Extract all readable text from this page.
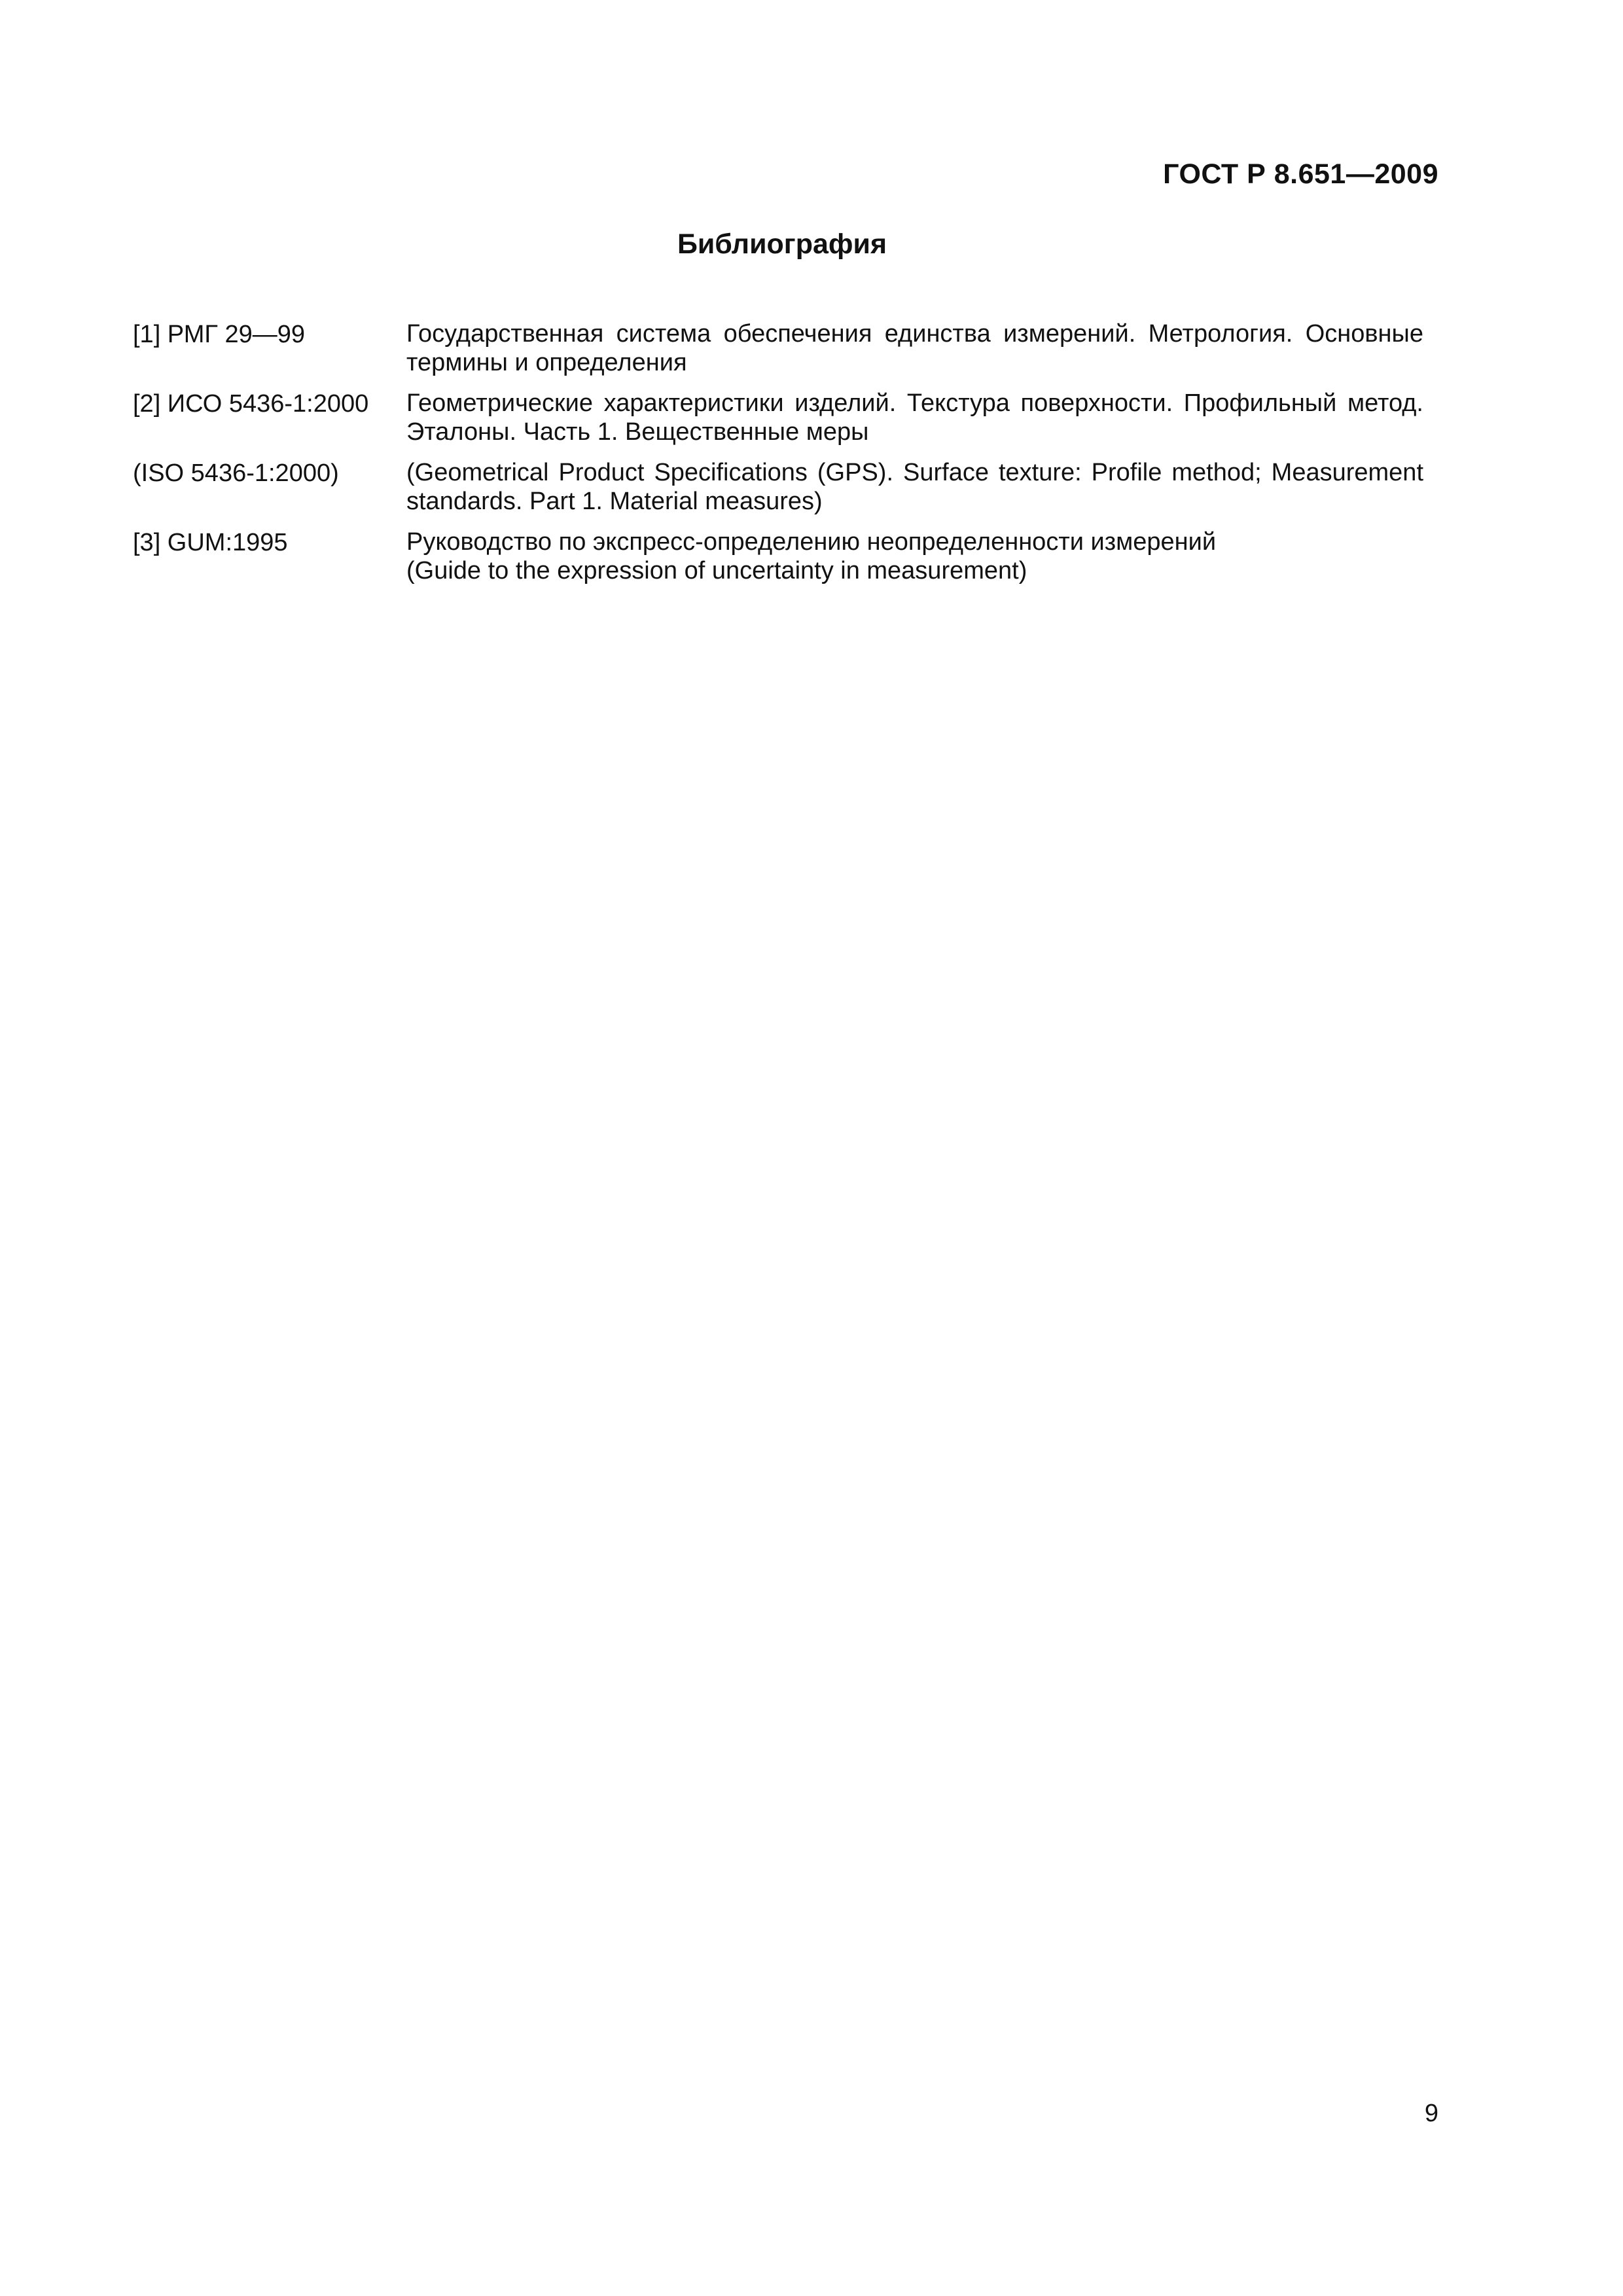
ГОСТ Р 8.651—2009
Библиография
[1] РМГ 29—99	Государственная система обеспечения единства измерений. Метрология. Основные термины и определения
[2] ИСО 5436-1:2000	Геометрические характеристики изделий. Текстура поверхности. Профильный метод. Эталоны. Часть 1. Вещественные меры
(ISO 5436-1:2000)	(Geometrical Product Specifications (GPS). Surface texture: Profile method; Measurement standards. Part 1. Material measures)
[3] GUM:1995	Руководство по экспресс-определению неопределенности измерений
(Guide to the expression of uncertainty in measurement)
9
